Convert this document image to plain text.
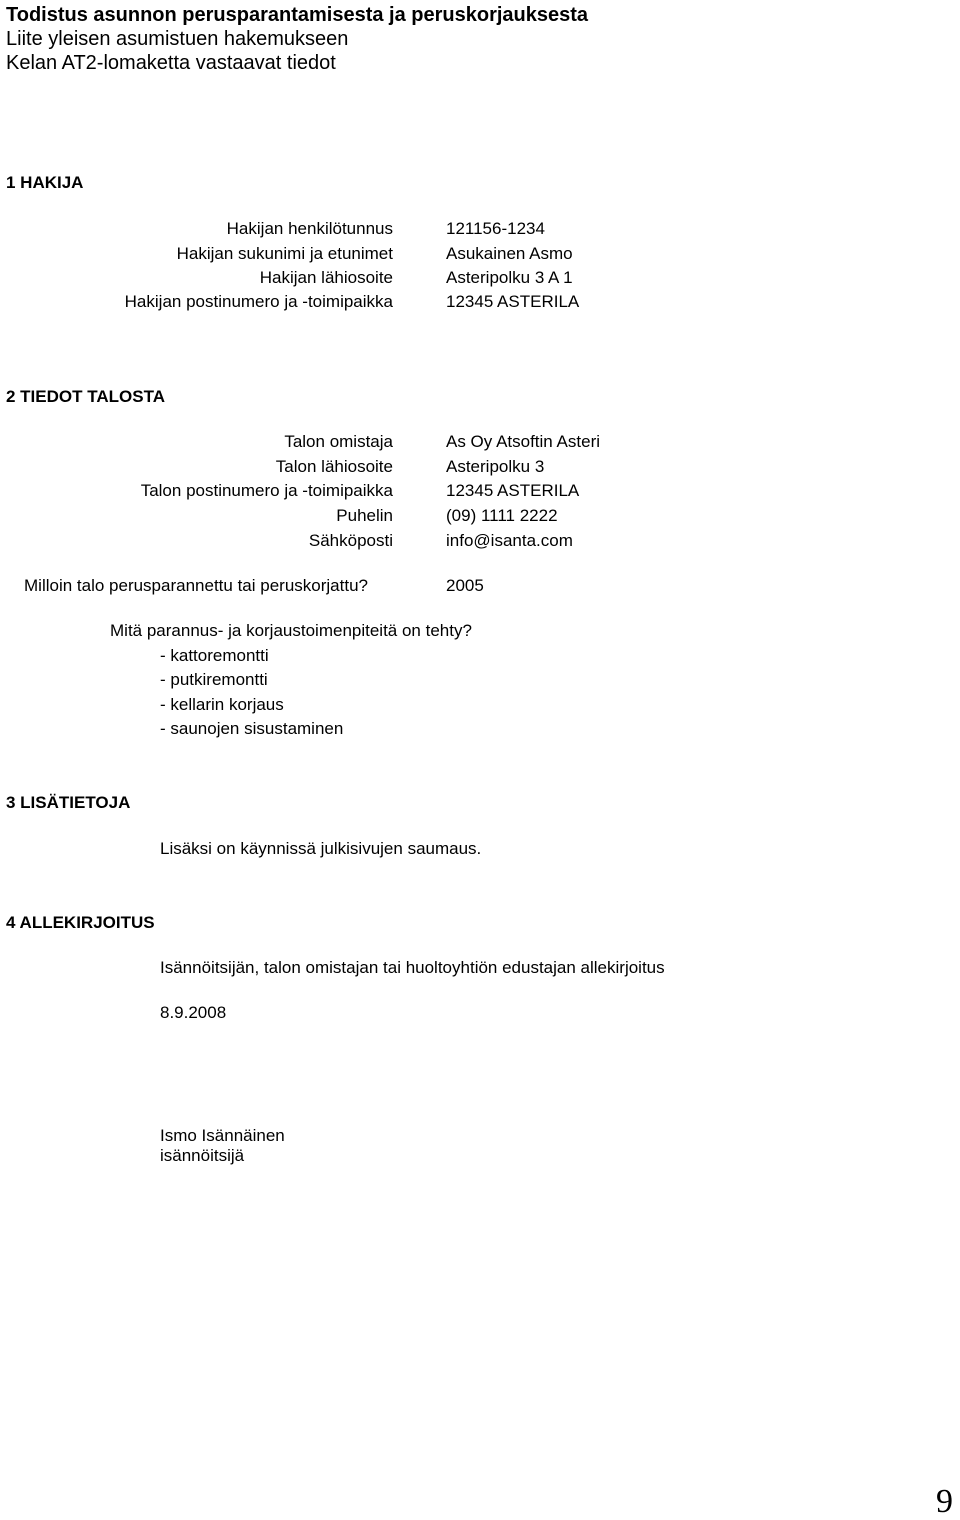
Todistus asunnon perusparantamisesta ja peruskorjauksesta
Liite yleisen asumistuen hakemukseen
Kelan AT2-lomaketta vastaavat tiedot
1 HAKIJA
Hakijan henkilötunnus	121156-1234
Hakijan sukunimi ja etunimet	Asukainen Asmo
Hakijan lähiosoite	Asteripolku 3 A 1
Hakijan postinumero ja -toimipaikka	12345 ASTERILA
2 TIEDOT TALOSTA
Talon omistaja	As Oy Atsoftin Asteri
Talon lähiosoite	Asteripolku 3
Talon postinumero ja -toimipaikka	12345 ASTERILA
Puhelin	(09) 1111 2222
Sähköposti	info@isanta.com
Milloin talo perusparannettu tai peruskorjattu?	2005
Mitä parannus- ja korjaustoimenpiteitä on tehty?
- kattoremontti
- putkiremontti
- kellarin korjaus
- saunojen sisustaminen
3 LISÄTIETOJA
Lisäksi on käynnissä julkisivujen saumaus.
4 ALLEKIRJOITUS
Isännöitsijän, talon omistajan tai huoltoyhtiön edustajan allekirjoitus
8.9.2008
Ismo Isännäinen
isännöitsijä
9
